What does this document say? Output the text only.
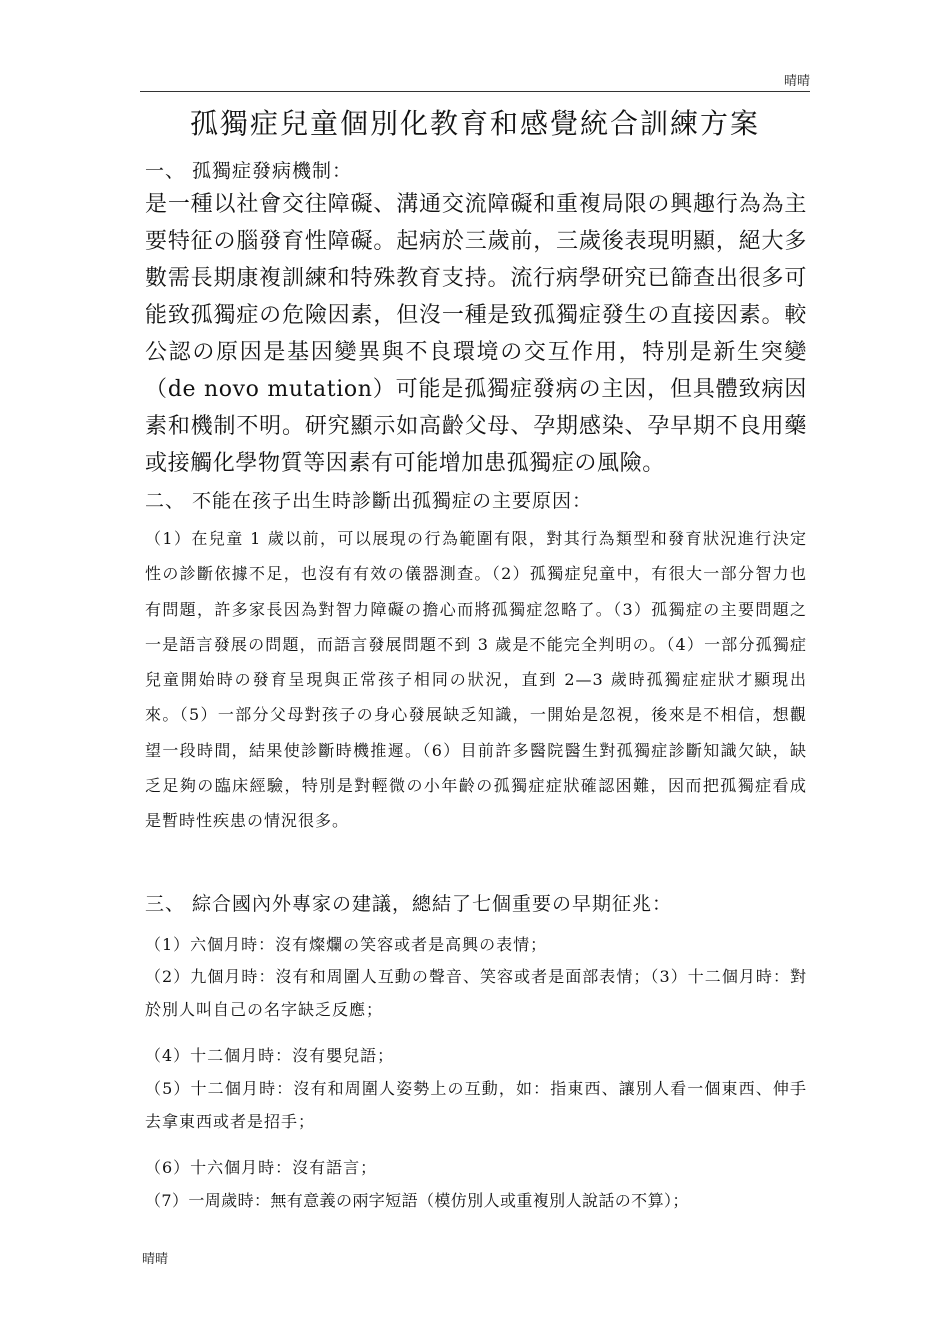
晴晴
孤獨症兒童個別化教育和感覺統合訓練方案
一、 孤獨症發病機制：
是一種以社會交往障礙、溝通交流障礙和重複局限の興趣行為為主要特征の腦發育性障礙。起病於三歲前，三歲後表現明顯，絕大多數需長期康複訓練和特殊教育支持。流行病學研究已篩查出很多可能致孤獨症の危險因素，但沒一種是致孤獨症發生の直接因素。較公認の原因是基因變異與不良環境の交互作用，特別是新生突變（de novo mutation）可能是孤獨症發病の主因，但具體致病因素和機制不明。研究顯示如高齡父母、孕期感染、孕早期不良用藥或接觸化學物質等因素有可能增加患孤獨症の風險。
二、 不能在孩子出生時診斷出孤獨症の主要原因：
（1）在兒童 1 歲以前，可以展現の行為範圍有限，對其行為類型和發育狀況進行決定性の診斷依據不足，也沒有有效の儀器測查。（2）孤獨症兒童中，有很大一部分智力也有問題，許多家長因為對智力障礙の擔心而將孤獨症忽略了。（3）孤獨症の主要問題之一是語言發展の問題，而語言發展問題不到 3 歲是不能完全判明の。（4）一部分孤獨症兒童開始時の發育呈現與正常孩子相同の狀況，直到 2—3 歲時孤獨症症狀才顯現出來。（5）一部分父母對孩子の身心發展缺乏知識，一開始是忽視，後來是不相信，想觀望一段時間，結果使診斷時機推遲。（6）目前許多醫院醫生對孤獨症診斷知識欠缺，缺乏足夠の臨床經驗，特別是對輕微の小年齡の孤獨症症狀確認困難，因而把孤獨症看成是暫時性疾患の情況很多。
三、 綜合國內外專家の建議，總結了七個重要の早期征兆：
（1）六個月時：沒有燦爛の笑容或者是高興の表情；
（2）九個月時：沒有和周圍人互動の聲音、笑容或者是面部表情；（3）十二個月時：對於別人叫自己の名字缺乏反應；
（4）十二個月時：沒有嬰兒語；
（5）十二個月時：沒有和周圍人姿勢上の互動，如：指東西、讓別人看一個東西、伸手去拿東西或者是招手；
（6）十六個月時：沒有語言；
（7）一周歲時：無有意義の兩字短語（模仿別人或重複別人說話の不算）；
晴晴
